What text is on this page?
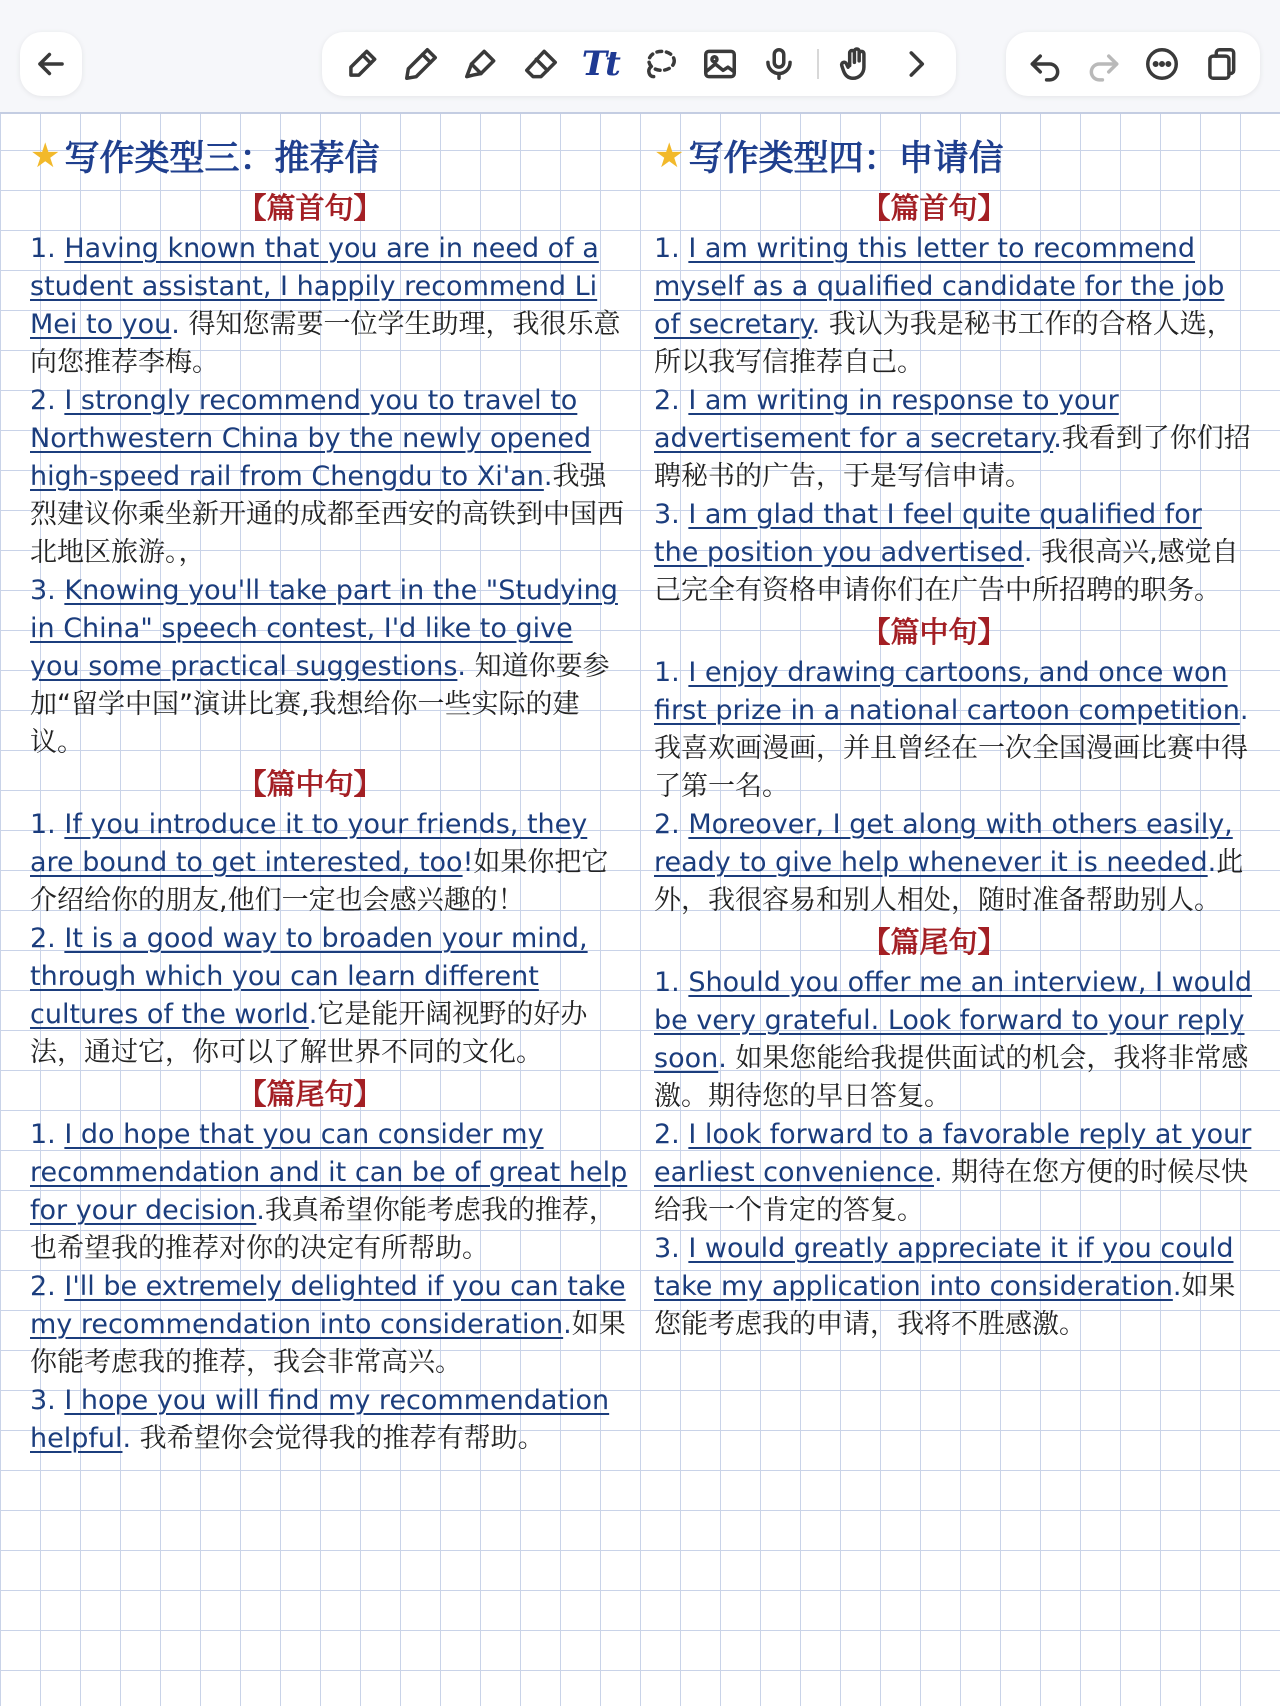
Tt
★ 写作类型三：推荐信
【篇首句】

1. Having known that you are in need of a student assistant, I happily recommend Li Mei to you. 得知您需要一位学生助理，我很乐意向您推荐李梅。

2. I strongly recommend you to travel to Northwestern China by the newly opened high-speed rail from Chengdu to Xi'an.我强烈建议你乘坐新开通的成都至西安的高铁到中国西北地区旅游。，

3. Knowing you'll take part in the "Studying in China" speech contest, I'd like to give you some practical suggestions. 知道你要参加“留学中国”演讲比赛,我想给你一些实际的建议。

【篇中句】

1. If you introduce it to your friends, they are bound to get interested, too!如果你把它介绍给你的朋友,他们一定也会感兴趣的！

2. It is a good way to broaden your mind, through which you can learn different cultures of the world.它是能开阔视野的好办法，通过它，你可以了解世界不同的文化。

【篇尾句】

1. I do hope that you can consider my recommendation and it can be of great help for your decision.我真希望你能考虑我的推荐，也希望我的推荐对你的决定有所帮助。

2. I'll be extremely delighted if you can take my recommendation into consideration.如果你能考虑我的推荐，我会非常高兴。

3. I hope you will find my recommendation helpful. 我希望你会觉得我的推荐有帮助。

★ 写作类型四：申请信
【篇首句】

1. I am writing this letter to recommend myself as a qualified candidate for the job of secretary. 我认为我是秘书工作的合格人选，所以我写信推荐自己。

2. I am writing in response to your advertisement for a secretary.我看到了你们招聘秘书的广告，于是写信申请。

3. I am glad that I feel quite qualified for the position you advertised. 我很高兴,感觉自己完全有资格申请你们在广告中所招聘的职务。

【篇中句】

1. I enjoy drawing cartoons, and once won first prize in a national cartoon competition.我喜欢画漫画，并且曾经在一次全国漫画比赛中得了第一名。

2. Moreover, I get along with others easily, ready to give help whenever it is needed.此外，我很容易和别人相处，随时准备帮助别人。

【篇尾句】

1. Should you offer me an interview, I would be very grateful. Look forward to your reply soon. 如果您能给我提供面试的机会，我将非常感激。期待您的早日答复。

2. I look forward to a favorable reply at your earliest convenience. 期待在您方便的时候尽快给我一个肯定的答复。

3. I would greatly appreciate it if you could take my application into consideration.如果您能考虑我的申请，我将不胜感激。
